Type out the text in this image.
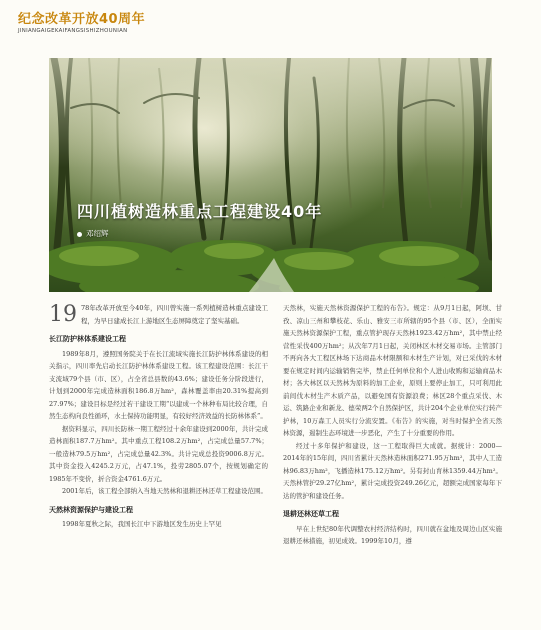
纪念改革开放40周年
JINIANGAIGEKAIFANGSISHIZHOUNIAN
四川植树造林重点工程建设40年
邓绍辉
19 78年改革开放至今40年，四川曾实施一系列植树造林重点建设工程，为早日建成长江上游地区生态屏障奠定了坚实基础。

长江防护林体系建设工程

1989年8月，遵照国务院关于在长江流域实施长江防护林体系建设的相关指示，四川率先启动长江防护林体系建设工程。该工程建设范围：长江干支流域79个县（市、区），占全省总县数的43.6%；建设任务分阶段进行，计划到2000年完成造林面积186.8万hm²，森林覆盖率由20.31%提高到27.97%；建设目标是经过若干建设工期“以建成一个林种布局比较合理，自然生态构向良性循环，水土保持功能明显，有较好经济效益的长防林体系”。

据资料显示，四川长防林一期工程经过十余年建设到2000年，共计完成造林面积187.7万hm²。其中重点工程108.2万hm²，占完成总量57.7%；一般造林79.5万hm²，占完成总量42.3%。共计完成总投资9006.8万元。其中资金投入4245.2万元，占47.1%，投劳2805.07个，按规划确定的1985年不变价，折合资金4761.6万元。

2001年后，该工程全部纳入当地天然林和退耕还林还草工程建设范围。

天然林资源保护与建设工程

1998年夏秋之际，我国长江中下游地区发生历史上罕见

天然林，实施天然林资源保护工程的布告》。规定：从9月1日起，阿坝、甘孜、凉山三州和攀枝花、乐山、雅安三市所辖的95个县（市、区），全面实施天然林资源保护工程，重点管护现存天然林1923.42万hm²，其中禁止经营性采伐400万hm²；从次年7月1日起，关闭林区木材交易市场。主管部门不再向各大工程区林场下达商品木材限额和木材生产计划，对已采伐的木材要在规定时间内运输销售完毕，禁止任何单位和个人进山收购和运输商品木材；各大林区以天然林为原料的加工企业，原则上要停止加工，只可利用此前间伐木材生产木质产品，以避免国有资源浪费；林区28个重点采伐、木运、筑路企业和新龙、德荣两2个自然保护区，共计204个企业单位实行转产护林，10万森工人员实行分流安置。《布告》的实施，对当时保护全省天然林资源，遏制生态环境进一步恶化，产生了十分重要的作用。

经过十多年保护和建设，这一工程取得巨大成就。据统计：2000—2014年的15年间，四川省累计天然林造林面积271.95万hm²，其中人工造林96.83万hm²，飞播造林175.12万hm²。另有封山育林1359.44万hm²。天然林管护29.27亿hm²，累计完成投资249.26亿元，超额完成国家每年下达的管护和建设任务。

退耕还林还草工程

早在上世纪80年代调整农村经济结构时，四川就在盆地及周边山区实施退耕还林措施，初见成效。1999年10月，遵
